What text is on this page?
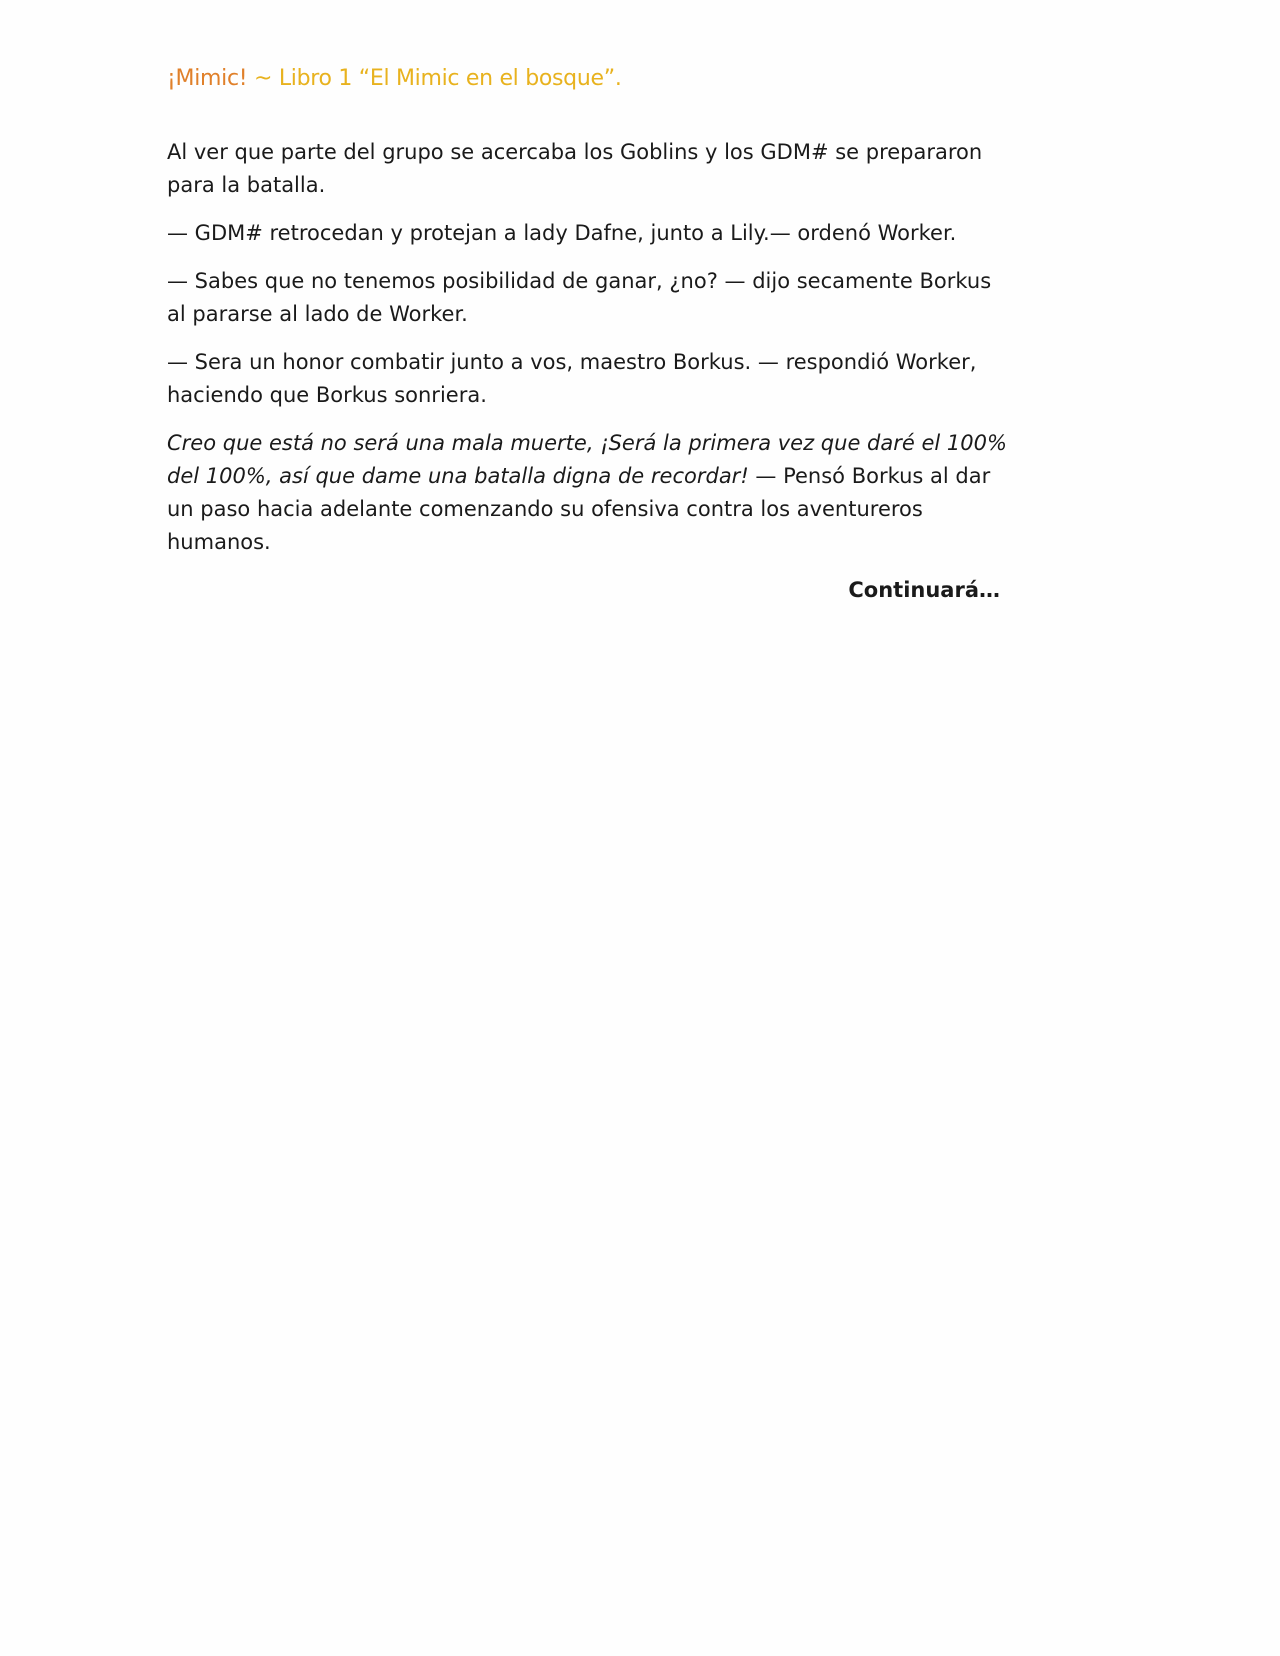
¡Mimic! ~ Libro 1 “El Mimic en el bosque”.

Al ver que parte del grupo se acercaba los Goblins y los GDM# se prepararon para la batalla.

— GDM# retrocedan y protejan a lady Dafne, junto a Lily.— ordenó Worker.

— Sabes que no tenemos posibilidad de ganar, ¿no? — dijo secamente Borkus al pararse al lado de Worker.

— Sera un honor combatir junto a vos, maestro Borkus. — respondió Worker, haciendo que Borkus sonriera.

Creo que está no será una mala muerte, ¡Será la primera vez que daré el 100% del 100%, así que dame una batalla digna de recordar! — Pensó Borkus al dar un paso hacia adelante comenzando su ofensiva contra los aventureros humanos.

Continuará…
